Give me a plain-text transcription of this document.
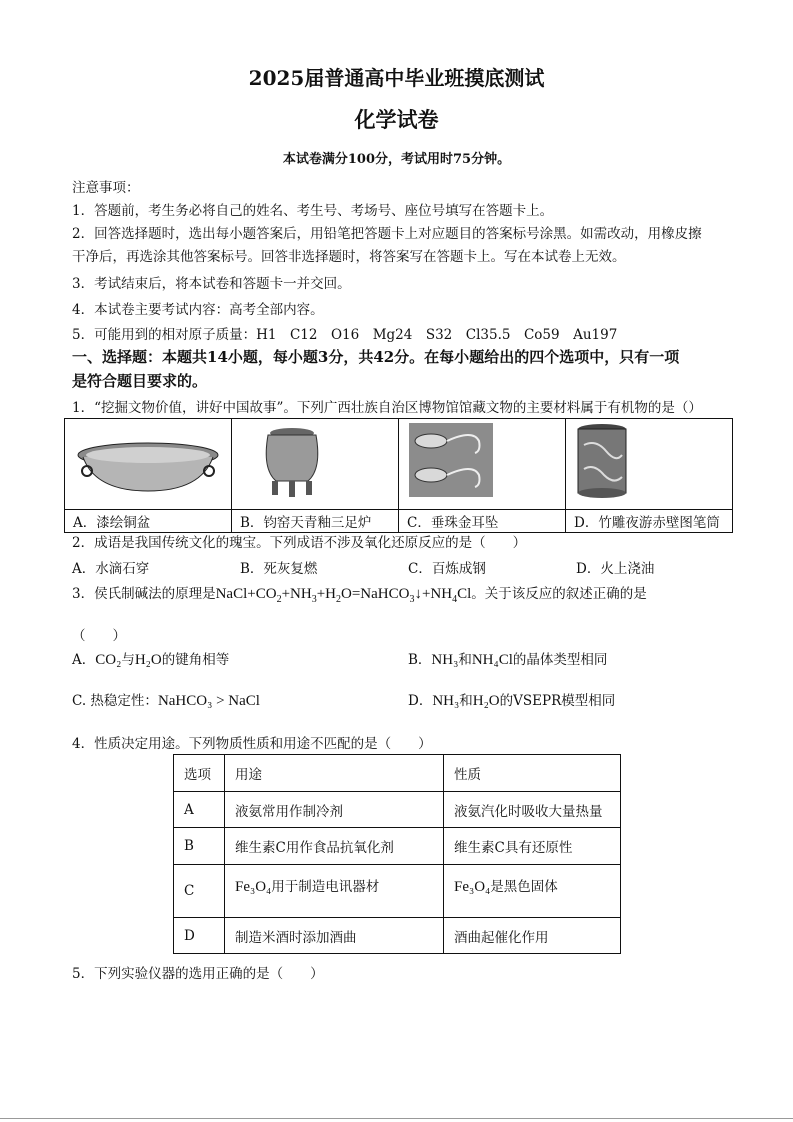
2025届普通高中毕业班摸底测试
化学试卷
本试卷满分100分，考试用时75分钟。
注意事项：
1．答题前，考生务必将自己的姓名、考生号、考场号、座位号填写在答题卡上。
2．回答选择题时，选出每小题答案后，用铅笔把答题卡上对应题目的答案标号涂黑。如需改动，用橡皮擦
干净后，再选涂其他答案标号。回答非选择题时，将答案写在答题卡上。写在本试卷上无效。
3．考试结束后，将本试卷和答题卡一并交回。
4．本试卷主要考试内容：高考全部内容。
5．可能用到的相对原子质量：H1　C12　O16　Mg24　S32　Cl35.5　Co59　Au197
一、选择题：本题共14小题，每小题3分，共42分。在每小题给出的四个选项中，只有一项
是符合题目要求的。
1．“挖掘文物价值，讲好中国故事”。下列广西壮族自治区博物馆馆藏文物的主要材料属于有机物的是（）

A．漆绘铜盆	B．钧窑天青釉三足炉	C．垂珠金耳坠	D．竹雕夜游赤壁图笔筒
2．成语是我国传统文化的瑰宝。下列成语不涉及氧化还原反应的是（　　）
A．水滴石穿	B．死灰复燃	C．百炼成钢	D．火上浇油
3．侯氏制碱法的原理是$NaCl+CO_2+NH_3+H_2O=NaHCO_3↓+NH_4Cl$。关于该反应的叙述正确的是
（　　）
A．CO₂与H₂O的键角相等	B．NH₃和NH₄Cl的晶体类型相同
C. 热稳定性：NaHCO₃ > NaCl	D．NH₃和H₂O的VSEPR模型相同
4．性质决定用途。下列物质性质和用途不匹配的是（　　）
选项	用途	性质
A	液氨常用作制冷剂	液氨汽化时吸收大量热量
B	维生素C用作食品抗氧化剂	维生素C具有还原性
C	Fe₃O₄用于制造电讯器材	Fe₃O₄是黑色固体
D	制造米酒时添加酒曲	酒曲起催化作用
5．下列实验仪器的选用正确的是（　　）
